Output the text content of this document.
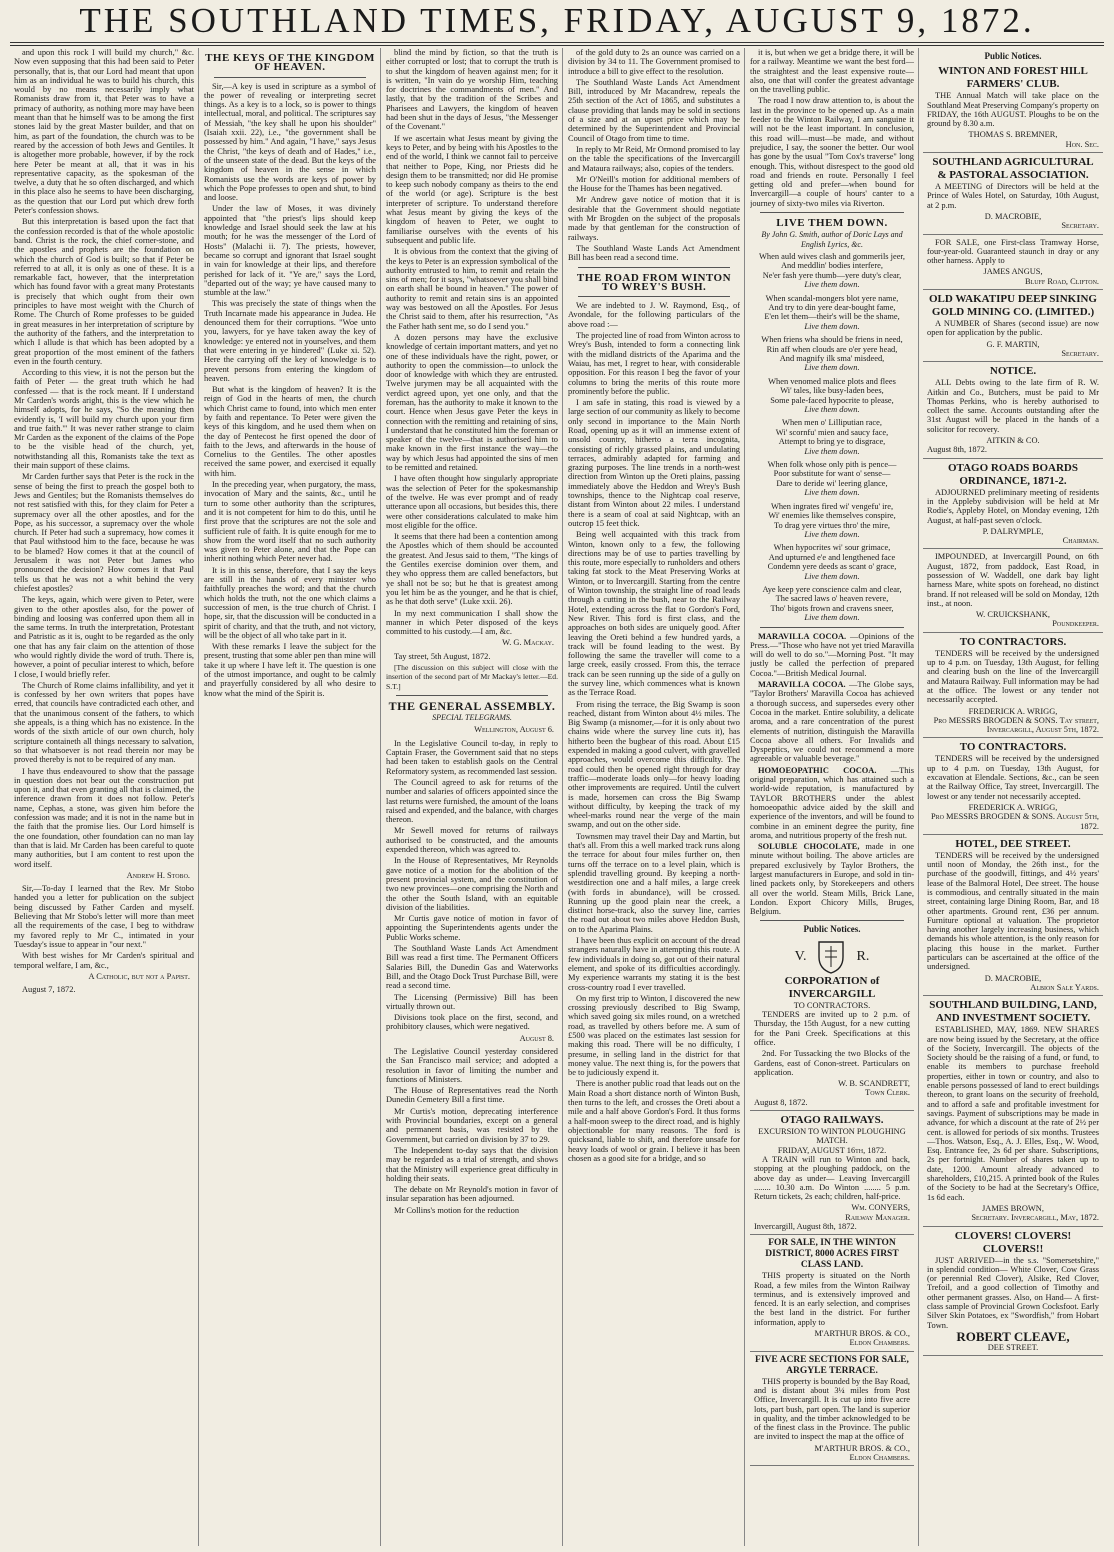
THE SOUTHLAND TIMES, FRIDAY, AUGUST 9, 1872.

and upon this rock I will build my church," &c. Now even supposing that this had been said to Peter personally, that is, that our Lord had meant that upon him as an individual he was to build his church, this would by no means necessarily imply what Romanists draw from it, that Peter was to have a primacy of authority, as nothing more may have been meant than that he himself was to be among the first stones laid by the great Master builder, and that on him, as part of the foundation, the church was to be reared by the accession of both Jews and Gentiles. It is altogether more probable, however, if by the rock here Peter be meant at all, that it was in his representative capacity, as the spokesman of the twelve, a duty that he so often discharged, and which in this place also he seems to have been discharging, as the question that our Lord put which drew forth Peter's confession shows.

But this interpretation is based upon the fact that the confession recorded is that of the whole apostolic band. Christ is the rock, the chief corner-stone, and the apostles and prophets are the foundation on which the church of God is built; so that if Peter be referred to at all, it is only as one of these. It is a remarkable fact, however, that the interpretation which has found favor with a great many Protestants is precisely that which ought from their own principles to have most weight with the Church of Rome. The Church of Rome professes to be guided in great measures in her interpretation of scripture by the authority of the fathers, and the interpretation to which I allude is that which has been adopted by a great proportion of the most eminent of the fathers even in the fourth century.

According to this view, it is not the person but the faith of Peter — the great truth which he had confessed — that is the rock meant. If I understand Mr Carden's words aright, this is the view which he himself adopts, for he says, "So the meaning then evidently is, 'I will build my church upon your firm and true faith.'" It was never rather strange to claim Mr Carden as the exponent of the claims of the Pope to be the visible head of the church, yet, notwithstanding all this, Romanists take the text as their main support of these claims.

Mr Carden further says that Peter is the rock in the sense of being the first to preach the gospel both to Jews and Gentiles; but the Romanists themselves do not rest satisfied with this, for they claim for Peter a supremacy over all the other apostles, and for the Pope, as his successor, a supremacy over the whole church. If Peter had such a supremacy, how comes it that Paul withstood him to the face, because he was to be blamed? How comes it that at the council of Jerusalem it was not Peter but James who pronounced the decision? How comes it that Paul tells us that he was not a whit behind the very chiefest apostles?

The keys, again, which were given to Peter, were given to the other apostles also, for the power of binding and loosing was conferred upon them all in the same terms. In truth the interpretation, Protestant and Patristic as it is, ought to be regarded as the only one that has any fair claim on the attention of those who would rightly divide the word of truth. There is, however, a point of peculiar interest to which, before I close, I would briefly refer.

The Church of Rome claims infallibility, and yet it is confessed by her own writers that popes have erred, that councils have contradicted each other, and that the unanimous consent of the fathers, to which she appeals, is a thing which has no existence. In the words of the sixth article of our own church, holy scripture containeth all things necessary to salvation, so that whatsoever is not read therein nor may be proved thereby is not to be required of any man.

I have thus endeavoured to show that the passage in question does not bear out the construction put upon it, and that even granting all that is claimed, the inference drawn from it does not follow. Peter's name, Cephas, a stone, was given him before the confession was made; and it is not in the name but in the faith that the promise lies. Our Lord himself is the one foundation, other foundation can no man lay than that is laid. Mr Carden has been careful to quote many authorities, but I am content to rest upon the word itself.

Andrew H. Stobo.

Sir,—To-day I learned that the Rev. Mr Stobo handed you a letter for publication on the subject being discussed by Father Carden and myself. Believing that Mr Stobo's letter will more than meet all the requirements of the case, I beg to withdraw my favored reply to Mr C., intimated in your Tuesday's issue to appear in "our next."

With best wishes for Mr Carden's spiritual and temporal welfare, I am, &c.,

A Catholic, but not a Papist.

August 7, 1872.

THE KEYS OF THE KINGDOM OF HEAVEN.

Sir,—A key is used in scripture as a symbol of the power of revealing or interpreting secret things. As a key is to a lock, so is power to things intellectual, moral, and political. The scriptures say of Messiah, "the key shall he upon his shoulder" (Isaiah xxii. 22), i.e., "the government shall be possessed by him." And again, "I have," says Jesus the Christ, "the keys of death and of Hades," i.e., of the unseen state of the dead. But the keys of the kingdom of heaven in the sense in which Romanists use the words are keys of power by which the Pope professes to open and shut, to bind and loose.

Under the law of Moses, it was divinely appointed that "the priest's lips should keep knowledge and Israel should seek the law at his mouth; for he was the messenger of the Lord of Hosts" (Malachi ii. 7). The priests, however, became so corrupt and ignorant that Israel sought in vain for knowledge at their lips, and therefore perished for lack of it. "Ye are," says the Lord, "departed out of the way; ye have caused many to stumble at the law."

This was precisely the state of things when the Truth Incarnate made his appearance in Judea. He denounced them for their corruptions. "Woe unto you, lawyers, for ye have taken away the key of knowledge: ye entered not in yourselves, and them that were entering in ye hindered" (Luke xi. 52). Here the carrying off the key of knowledge is to prevent persons from entering the kingdom of heaven.

But what is the kingdom of heaven? It is the reign of God in the hearts of men, the church which Christ came to found, into which men enter by faith and repentance. To Peter were given the keys of this kingdom, and he used them when on the day of Pentecost he first opened the door of faith to the Jews, and afterwards in the house of Cornelius to the Gentiles. The other apostles received the same power, and exercised it equally with him.

In the preceding year, when purgatory, the mass, invocation of Mary and the saints, &c., until he turn to some other authority than the scriptures, and it is not competent for him to do this, until he first prove that the scriptures are not the sole and sufficient rule of faith. It is quite enough for me to show from the word itself that no such authority was given to Peter alone, and that the Pope can inherit nothing which Peter never had.

It is in this sense, therefore, that I say the keys are still in the hands of every minister who faithfully preaches the word; and that the church which holds the truth, not the one which claims a succession of men, is the true church of Christ. I hope, sir, that the discussion will be conducted in a spirit of charity, and that the truth, and not victory, will be the object of all who take part in it.

With these remarks I leave the subject for the present, trusting that some abler pen than mine will take it up where I have left it. The question is one of the utmost importance, and ought to be calmly and prayerfully considered by all who desire to know what the mind of the Spirit is.

blind the mind by fiction, so that the truth is either corrupted or lost; that to corrupt the truth is to shut the kingdom of heaven against men; for it is written, "In vain do ye worship Him, teaching for doctrines the commandments of men." And lastly, that by the tradition of the Scribes and Pharisees and Lawyers, the kingdom of heaven had been shut in the days of Jesus, "the Messenger of the Covenant."

If we ascertain what Jesus meant by giving the keys to Peter, and by being with his Apostles to the end of the world, I think we cannot fail to perceive that neither to Pope, King, nor Priests did he design them to be transmitted; nor did He promise to keep such nobody company as theirs to the end of the world (or age). Scripture is the best interpreter of scripture. To understand therefore what Jesus meant by giving the keys of the kingdom of heaven to Peter, we ought to familiarise ourselves with the events of his subsequent and public life.

It is obvious from the context that the giving of the keys to Peter is an expression symbolical of the authority entrusted to him, to remit and retain the sins of men; for it says, "whatsoever you shall bind on earth shall be bound in heaven." The power of authority to remit and retain sins is an appointed way was bestowed on all the Apostles. For Jesus the Christ said to them, after his resurrection, "As the Father hath sent me, so do I send you."

A dozen persons may have the exclusive knowledge of certain important matters, and yet no one of these individuals have the right, power, or authority to open the commission—to unlock the door of knowledge with which they are entrusted. Twelve jurymen may be all acquainted with the verdict agreed upon, yet one only, and that the foreman, has the authority to make it known to the court. Hence when Jesus gave Peter the keys in connection with the remitting and retaining of sins, I understand that he constituted him the foreman or speaker of the twelve—that is authorised him to make known in the first instance the way—the way by which Jesus had appointed the sins of men to be remitted and retained.

I have often thought how singularly appropriate was the selection of Peter for the spokesmanship of the twelve. He was ever prompt and of ready utterance upon all occasions, but besides this, there were other considerations calculated to make him most eligible for the office.

It seems that there had been a contention among the Apostles which of them should be accounted the greatest. And Jesus said to them, "The kings of the Gentiles exercise dominion over them, and they who oppress them are called benefactors, but ye shall not be so; but he that is greatest among you let him be as the younger, and he that is chief, as he that doth serve" (Luke xxii. 26).

In my next communication I shall show the manner in which Peter disposed of the keys committed to his custody.—I am, &c.

W. G. Mackay.

Tay street, 5th August, 1872.

[The discussion on this subject will close with the insertion of the second part of Mr Mackay's letter.—Ed. S.T.]

THE GENERAL ASSEMBLY.
SPECIAL TELEGRAMS.
Wellington, August 6.

In the Legislative Council to-day, in reply to Captain Fraser, the Government said that no steps had been taken to establish gaols on the Central Reformatory system, as recommended last session.

The Council agreed to ask for returns of the number and salaries of officers appointed since the last returns were furnished, the amount of the loans raised and expended, and the balance, with charges thereon.

Mr Sewell moved for returns of railways authorised to be constructed, and the amounts expended thereon, which was agreed to.

In the House of Representatives, Mr Reynolds gave notice of a motion for the abolition of the present provincial system, and the constitution of two new provinces—one comprising the North and the other the South Island, with an equitable division of the liabilities.

Mr Curtis gave notice of motion in favor of appointing the Superintendents agents under the Public Works scheme.

The Southland Waste Lands Act Amendment Bill was read a first time. The Permanent Officers Salaries Bill, the Dunedin Gas and Waterworks Bill, and the Otago Dock Trust Purchase Bill, were read a second time.

The Licensing (Permissive) Bill has been virtually thrown out.

Divisions took place on the first, second, and prohibitory clauses, which were negatived.

August 8.

The Legislative Council yesterday considered the San Francisco mail service; and adopted a resolution in favor of limiting the number and functions of Ministers.

The House of Representatives read the North Dunedin Cemetery Bill a first time.

Mr Curtis's motion, deprecating interference with Provincial boundaries, except on a general and permanent basis, was resisted by the Government, but carried on division by 37 to 29.

The Independent to-day says that the division may be regarded as a trial of strength, and shows that the Ministry will experience great difficulty in holding their seats.

The debate on Mr Reynold's motion in favor of insular separation has been adjourned.

Mr Collins's motion for the reduction

of the gold duty to 2s an ounce was carried on a division by 34 to 11. The Government promised to introduce a bill to give effect to the resolution.

The Southland Waste Lands Act Amendment Bill, introduced by Mr Macandrew, repeals the 25th section of the Act of 1865, and substitutes a clause providing that lands may be sold in sections of a size and at an upset price which may be determined by the Superintendent and Provincial Council of Otago from time to time.

In reply to Mr Reid, Mr Ormond promised to lay on the table the specifications of the Invercargill and Mataura railways; also, copies of the tenders.

Mr O'Neill's motion for additional members of the House for the Thames has been negatived.

Mr Andrew gave notice of motion that it is desirable that the Government should negotiate with Mr Brogden on the subject of the proposals made by that gentleman for the construction of railways.

The Southland Waste Lands Act Amendment Bill has been read a second time.

THE ROAD FROM WINTON TO WREY'S BUSH.

We are indebted to J. W. Raymond, Esq., of Avondale, for the following particulars of the above road :—

The projected line of road from Winton across to Wrey's Bush, intended to form a connecting link with the midland districts of the Aparima and the Waiau, has met, I regret to hear, with considerable opposition. For this reason I beg the favor of your columns to bring the merits of this route more prominently before the public.

I am safe in stating, this road is viewed by a large section of our community as likely to become only second in importance to the Main North Road, opening up as it will an immense extent of unsold country, hitherto a terra incognita, consisting of richly grassed plains, and undulating terraces, admirably adapted for farming and grazing purposes. The line trends in a north-west direction from Winton up the Oreti plains, passing immediately above the Heddon and Wrey's Bush townships, thence to the Nightcap coal reserve, distant from Winton about 22 miles. I understand there is a seam of coal at said Nightcap, with an outcrop 15 feet thick.

Being well acquainted with this track from Winton, known only to a few, the following directions may be of use to parties travelling by this route, more especially to runholders and others taking fat stock to the Meat Preserving Works at Winton, or to Invercargill. Starting from the centre of Winton township, the straight line of road leads through a cutting in the bush, near to the Railway Hotel, extending across the flat to Gordon's Ford, New River. This ford is first class, and the approaches on both sides are uniquely good. After leaving the Oreti behind a few hundred yards, a track will be found leading to the west. By following the same the traveller will come to a large creek, easily crossed. From this, the terrace track can be seen running up the side of a gully on the survey line, which commences what is known as the Terrace Road.

From rising the terrace, the Big Swamp is soon reached, distant from Winton about 4½ miles. The Big Swamp (a misnomer,—for it is only about two chains wide where the survey line cuts it), has hitherto been the bugbear of this road. About £15 expended in making a good culvert, with gravelled approaches, would overcome this difficulty. The road could then be opened right through for dray traffic—moderate loads only—for heavy loading other improvements are required. Until the culvert is made, horsemen can cross the Big Swamp without difficulty, by keeping the track of my wheel-marks round near the verge of the main swamp, and out on the other side.

Townsmen may travel their Day and Martin, but that's all. From this a well marked track runs along the terrace for about four miles further on, then turns off the terrace on to a level plain, which is splendid travelling ground. By keeping a north-westdirection one and a half miles, a large creek (with fords in abundance), will be crossed. Running up the good plain near the creek, a distinct horse-track, also the survey line, carries the road out about two miles above Heddon Bush, on to the Aparima Plains.

I have been thus explicit on account of the dread strangers naturally have in attempting this route. A few individuals in doing so, got out of their natural element, and spoke of its difficulties accordingly. My experience warrants my stating it is the best cross-country road I ever travelled.

On my first trip to Winton, I discovered the new crossing previously described to Big Swamp, which saved going six miles round, on a wretched road, as travelled by others before me. A sum of £500 was placed on the estimates last session for making this road. There will be no difficulty, I presume, in selling land in the district for that money value. The next thing is, for the powers that be to judiciously expend it.

There is another public road that leads out on the Main Road a short distance north of Winton Bush, then turns to the left, and crosses the Oreti about a mile and a half above Gordon's Ford. It thus forms a half-moon sweep to the direct road, and is highly objectionable for many reasons. The ford is quicksand, liable to shift, and therefore unsafe for heavy loads of wool or grain. I believe it has been chosen as a good site for a bridge, and so

it is, but when we get a bridge there, it will be for a railway. Meantime we want the best ford—the straightest and the least expensive route—also, one that will confer the greatest advantage on the travelling public.

The road I now draw attention to, is about the last in the province to be opened up. As a main feeder to the Winton Railway, I am sanguine it will not be the least important. In conclusion, this road will—must—be made, and without prejudice, I say, the sooner the better. Our wool has gone by the usual "Tom Cox's traverse" long enough. This, without disrespect to the good old road and friends en route. Personally I feel getting old and prefer—when bound for Invercargill—a couple of hours' canter to a journey of sixty-two miles via Riverton.

LIVE THEM DOWN.
By John G. Smith, author of Doric Lays and English Lyrics, &c.
When auld wives clash and gommerils jeer,
And meddlin' bodies interfere,
Ne'er fash yere thumb—yere duty's clear,
Live them down.
When scandal-mongers blot yere name,
And try to din yere dear-bought fame,
E'en let them—their's will be the shame,
Live them down.
When friens wha should be friens in need,
Rin aff when clouds are o'er yere head,
And magnify ilk sma' misdeed,
Live them down.
When venomed malice plots and flees
Wi' tales, like busy-laden bees,
Some pale-faced hypocrite to please,
Live them down.
When men o' Lilliputian race,
Wi' scornfu' mien and saucy face,
Attempt to bring ye to disgrace,
Live them down.
When folk whose only pith is pence—
Poor substitute for want o' sense—
Dare to deride wi' leering glance,
Live them down.
When ingrates fired wi' vengefu' ire,
Wi' enemies like themselves conspire,
To drag yere virtues thro' the mire,
Live them down.
When hypocrites wi' sour grimace,
And upturned e'e and lengthened face
Condemn yere deeds as scant o' grace,
Live them down.
Aye keep yere conscience calm and clear,
The sacred laws o' heaven revere,
Tho' bigots frown and cravens sneer,
Live them down.

MARAVILLA COCOA. —Opinions of the Press.—"Those who have not yet tried Maravilla will do well to do so."—Morning Post. "It may justly be called the perfection of prepared Cocoa."—British Medical Journal.

MARAVILLA COCOA. —The Globe says, "Taylor Brothers' Maravilla Cocoa has achieved a thorough success, and supersedes every other Cocoa in the market. Entire solubility, a delicate aroma, and a rare concentration of the purest elements of nutrition, distinguish the Maravilla Cocoa above all others. For Invalids and Dyspeptics, we could not recommend a more agreeable or valuable beverage."

HOMOEOPATHIC COCOA. —This original preparation, which has attained such a world-wide reputation, is manufactured by TAYLOR BROTHERS under the ablest homoeopathic advice aided by the skill and experience of the inventors, and will be found to combine in an eminent degree the purity, fine aroma, and nutritious property of the fresh nut.

SOLUBLE CHOCOLATE, made in one minute without boiling. The above articles are prepared exclusively by Taylor Brothers, the largest manufacturers in Europe, and sold in tin-lined packets only, by Storekeepers and others all over the world. Steam Mills, Brick Lane, London. Export Chicory Mills, Bruges, Belgium.

Public Notices.
V.	R.
CORPORATION of INVERCARGILL
TO CONTRACTORS.

TENDERS are invited up to 2 p.m. of Thursday, the 15th August, for a new cutting for the Pani Creek. Specifications at this office.

2nd. For Tussacking the two Blocks of the Gardens, east of Conon-street. Particulars on application.

W. B. SCANDRETT,
Town Clerk.
August 8, 1872.
OTAGO RAILWAYS.
EXCURSION TO WINTON PLOUGHING MATCH.
FRIDAY, AUGUST 16th, 1872.

A TRAIN will run to Winton and back, stopping at the ploughing paddock, on the above day as under— Leaving Invercargill ........ 10.30 a.m. Do Winton ........ 5 p.m. Return tickets, 2s each; children, half-price.

Wm. CONYERS,
Railway Manager.
Invercargill, August 8th, 1872.
FOR SALE, IN THE WINTON DISTRICT, 8000 ACRES FIRST CLASS LAND.

THIS property is situated on the North Road, a few miles from the Winton Railway terminus, and is extensively improved and fenced. It is an early selection, and comprises the best land in the district. For further information, apply to

M'ARTHUR BROS. & CO.,
Eldon Chambers.
FIVE ACRE SECTIONS FOR SALE, ARGYLE TERRACE.

THIS property is bounded by the Bay Road, and is distant about 3¼ miles from Post Office, Invercargill. It is cut up into five acre lots, part bush, part open. The land is superior in quality, and the timber acknowledged to be of the finest class in the Province. The public are invited to inspect the map at the office of

M'ARTHUR BROS. & CO.,
Eldon Chambers.
Public Notices.
WINTON AND FOREST HILL FARMERS' CLUB.

THE Annual Match will take place on the Southland Meat Preserving Company's property on FRIDAY, the 16th AUGUST. Ploughs to be on the ground by 8.30 a.m.

THOMAS S. BREMNER,
Hon. Sec.
SOUTHLAND AGRICULTURAL & PASTORAL ASSOCIATION.

A MEETING of Directors will be held at the Prince of Wales Hotel, on Saturday, 10th August, at 2 p.m.

D. MACROBIE,
Secretary.

FOR SALE, one First-class Tramway Horse, four-year-old. Guaranteed staunch in dray or any other harness. Apply to

JAMES ANGUS,
Bluff Road, Clifton.
OLD WAKATIPU DEEP SINKING GOLD MINING CO. (LIMITED.)

A NUMBER of Shares (second issue) are now open for application by the public.

G. F. MARTIN,
Secretary.
NOTICE.

ALL Debts owing to the late firm of R. W. Aitkin and Co., Butchers, must be paid to Mr Thomas Perkins, who is hereby authorised to collect the same. Accounts outstanding after the 31st August will be placed in the hands of a solicitor for recovery.

AITKIN & CO.
August 8th, 1872.
OTAGO ROADS BOARDS ORDINANCE, 1871-2.

ADJOURNED preliminary meeting of residents in the Appleby subdivision will be held at Mr Rodie's, Appleby Hotel, on Monday evening, 12th August, at half-past seven o'clock.

P. DALRYMPLE,
Chairman.

IMPOUNDED, at Invercargill Pound, on 6th August, 1872, from paddock, East Road, in possession of W. Waddell, one dark bay light harness Mare, white spots on forehead, no distinct brand. If not released will be sold on Monday, 12th inst., at noon.

W. CRUICKSHANK,
Poundkeeper.
TO CONTRACTORS.

TENDERS will be received by the undersigned up to 4 p.m. on Tuesday, 13th August, for felling and clearing bush on the line of the Invercargill and Mataura Railway. Full information may be had at the office. The lowest or any tender not necessarily accepted.

FREDERICK A. WRIGG,
Pro MESSRS BROGDEN & SONS. Tay street, Invercargill, August 5th, 1872.
TO CONTRACTORS.

TENDERS will be received by the undersigned up to 4 p.m. on Tuesday, 13th August, for excavation at Elendale. Sections, &c., can be seen at the Railway Office, Tay street, Invercargill. The lowest or any tender not necessarily accepted.

FREDERICK A. WRIGG,
Pro MESSRS BROGDEN & SONS. August 5th, 1872.
HOTEL, DEE STREET.

TENDERS will be received by the undersigned until noon of Monday, the 26th inst., for the purchase of the goodwill, fittings, and 4½ years' lease of the Balmoral Hotel, Dee street. The house is commodious, and centrally situated in the main street, containing large Dining Room, Bar, and 18 other apartments. Ground rent, £36 per annum. Furniture optional at valuation. The proprietor having another largely increasing business, which demands his whole attention, is the only reason for placing this house in the market. Further particulars can be ascertained at the office of the undersigned.

D. MACROBIE,
Albion Sale Yards.
SOUTHLAND BUILDING, LAND, AND INVESTMENT SOCIETY.

ESTABLISHED, MAY, 1869. NEW SHARES are now being issued by the Secretary, at the office of the Society, Invercargill. The objects of the Society should be the raising of a fund, or fund, to enable its members to purchase freehold properties, either in town or country, and also to enable persons possessed of land to erect buildings thereon, to grant loans on the security of freehold, and to afford a safe and profitable investment for savings. Payment of subscriptions may be made in advance, for which a discount at the rate of 2½ per cent. is allowed for periods of six months. Trustees—Thos. Watson, Esq., A. J. Elles, Esq., W. Wood, Esq. Entrance fee, 2s 6d per share. Subscriptions, 2s per fortnight. Number of shares taken up to date, 1200. Amount already advanced to shareholders, £10,215. A printed book of the Rules of the Society to be had at the Secretary's Office, 1s 6d each.

JAMES BROWN,
Secretary. Invercargill, May, 1872.
CLOVERS! CLOVERS! CLOVERS!!

JUST ARRIVED—in the s.s. "Somersetshire," in splendid condition— White Clover, Cow Grass (or perennial Red Clover), Alsike, Red Clover, Trefoil, and a good collection of Timothy and other permanent grasses. Also, on Hand— A first-class sample of Provincial Grown Cocksfoot. Early Silver Skin Potatoes, ex "Swordfish," from Hobart Town.

ROBERT CLEAVE,
DEE STREET.
